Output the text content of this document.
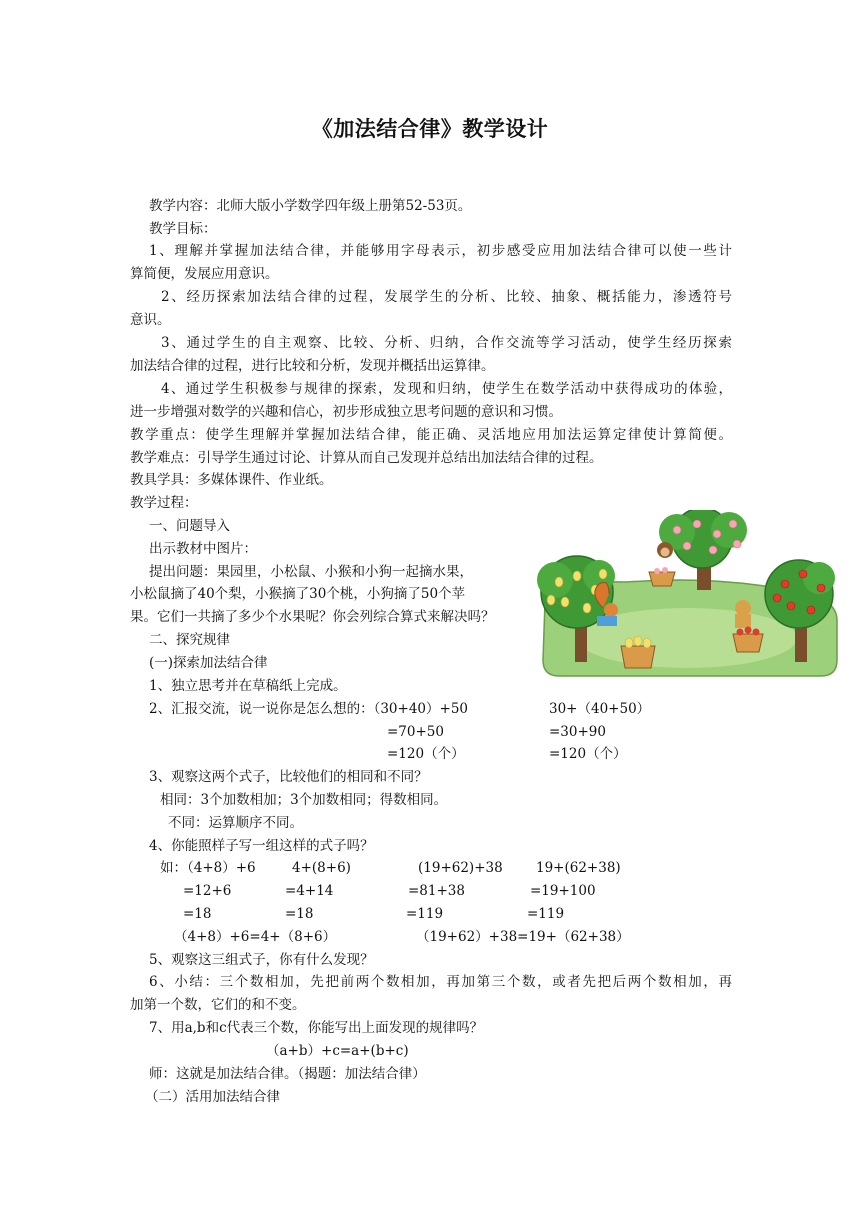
《加法结合律》教学设计
教学内容：北师大版小学数学四年级上册第52-53页。
教学目标：
1、理解并掌握加法结合律，并能够用字母表示，初步感受应用加法结合律可以使一些计
算简便，发展应用意识。
2、经历探索加法结合律的过程，发展学生的分析、比较、抽象、概括能力，渗透符号
意识。
3、通过学生的自主观察、比较、分析、归纳，合作交流等学习活动，使学生经历探索
加法结合律的过程，进行比较和分析，发现并概括出运算律。
4、通过学生积极参与规律的探索，发现和归纳，使学生在数学活动中获得成功的体验，
进一步增强对数学的兴趣和信心，初步形成独立思考问题的意识和习惯。
教学重点：使学生理解并掌握加法结合律，能正确、灵活地应用加法运算定律使计算简便。
教学难点：引导学生通过讨论、计算从而自己发现并总结出加法结合律的过程。
教具学具：多媒体课件、作业纸。
教学过程：
一、问题导入
出示教材中图片：
提出问题：果园里，小松鼠、小猴和小狗一起摘水果，
小松鼠摘了40个梨，小猴摘了30个桃，小狗摘了50个苹
果。它们一共摘了多少个水果呢？你会列综合算式来解决吗？
二、探究规律
(一)探索加法结合律
1、独立思考并在草稿纸上完成。
2、汇报交流，说一说你是怎么想的：（30+40）+50	30+（40+50）
=70+50	=30+90
=120（个）	=120（个）
3、观察这两个式子，比较他们的相同和不同？
相同：3个加数相加；3个加数相同；得数相同。
不同：运算顺序不同。
4、你能照样子写一组这样的式子吗？
如：（4+8）+6	4+(8+6)	(19+62)+38 19+(62+38)
=12+6	=4+14	=81+38	=19+100
=18	=18	=119	=119
（4+8）+6=4+（8+6）	（19+62）+38=19+（62+38）
5、观察这三组式子，你有什么发现？
6、小结：三个数相加，先把前两个数相加，再加第三个数，或者先把后两个数相加，再
加第一个数，它们的和不变。
7、用a,b和c代表三个数，你能写出上面发现的规律吗？
（a+b）+c=a+(b+c)
师：这就是加法结合律。（揭题：加法结合律）
（二）活用加法结合律
